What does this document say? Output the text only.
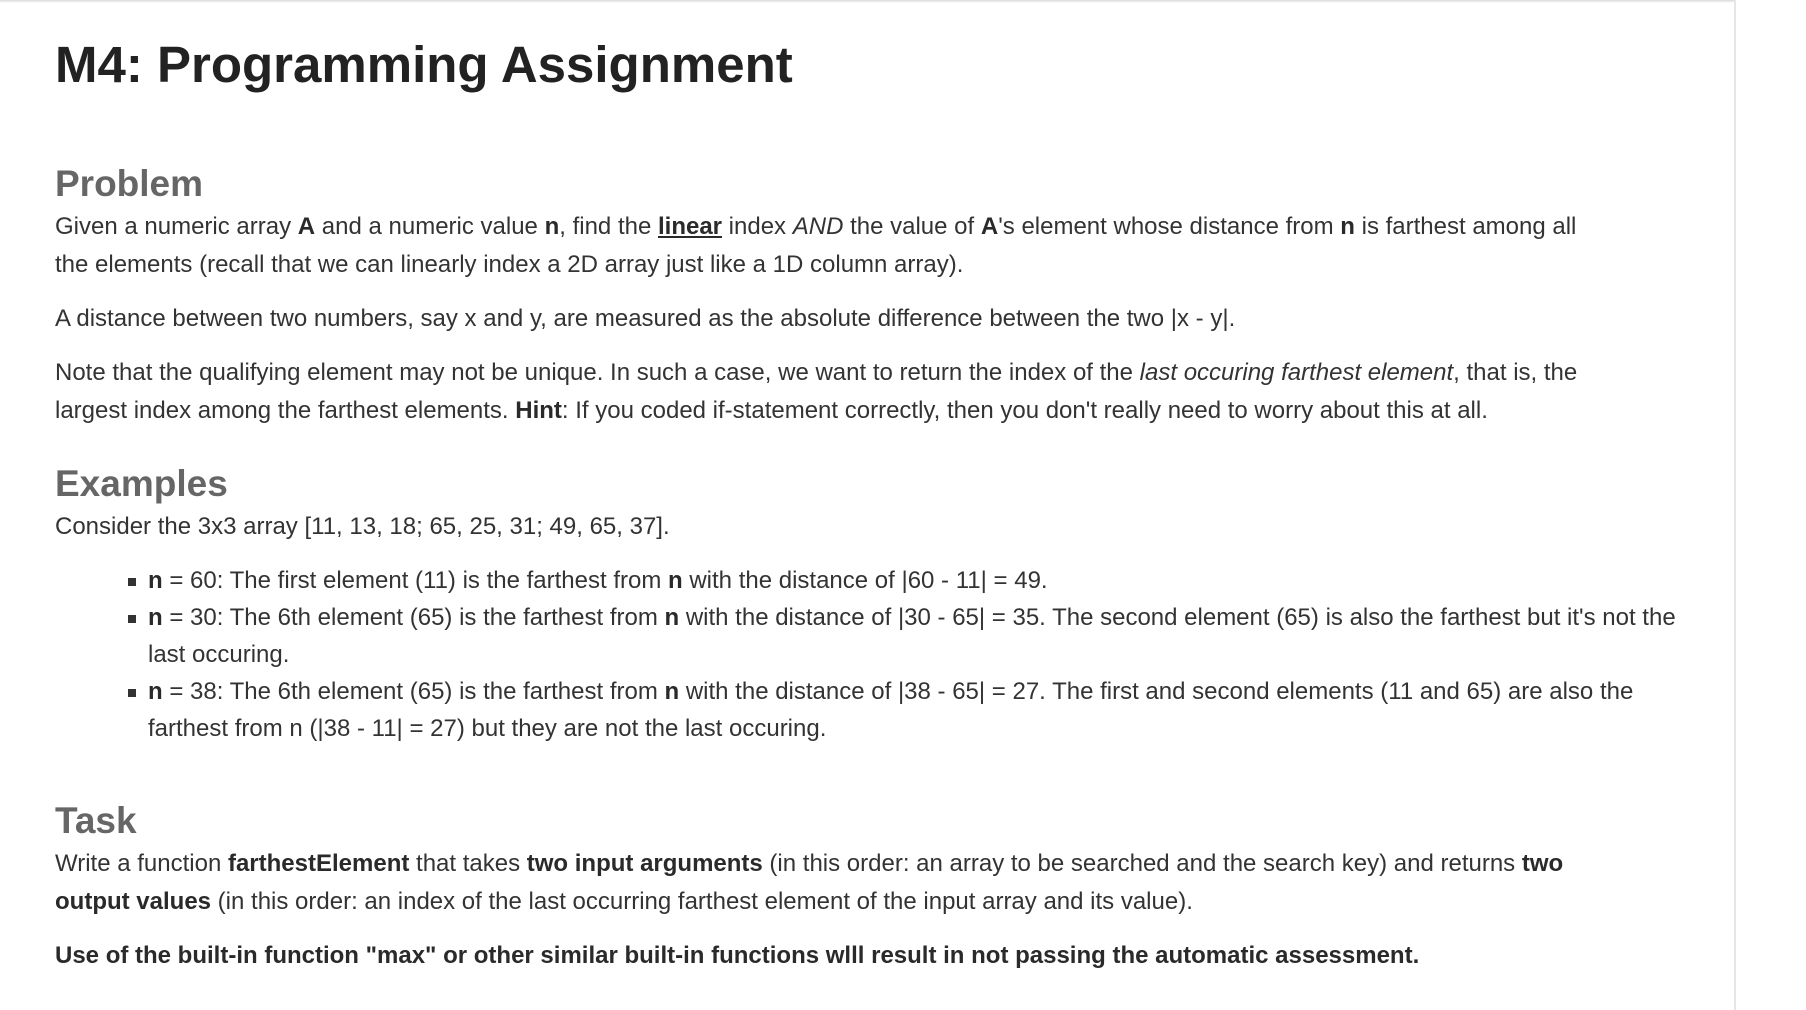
M4: Programming Assignment
Problem

Given a numeric array A and a numeric value n, find the linear index AND the value of A's element whose distance from n is farthest among all the elements (recall that we can linearly index a 2D array just like a 1D column array).

A distance between two numbers, say x and y, are measured as the absolute difference between the two |x - y|.

Note that the qualifying element may not be unique. In such a case, we want to return the index of the last occuring farthest element, that is, the largest index among the farthest elements. Hint: If you coded if-statement correctly, then you don't really need to worry about this at all.

Examples

Consider the 3x3 array [11, 13, 18; 65, 25, 31; 49, 65, 37].

n = 60: The first element (11) is the farthest from n with the distance of |60 - 11| = 49.
n = 30: The 6th element (65) is the farthest from n with the distance of |30 - 65| = 35. The second element (65) is also the farthest but it's not the last occuring.
n = 38: The 6th element (65) is the farthest from n with the distance of |38 - 65| = 27. The first and second elements (11 and 65) are also the farthest from n (|38 - 11| = 27) but they are not the last occuring.
Task

Write a function farthestElement that takes two input arguments (in this order: an array to be searched and the search key) and returns two output values (in this order: an index of the last occurring farthest element of the input array and its value).

Use of the built-in function "max" or other similar built-in functions wlll result in not passing the automatic assessment.
